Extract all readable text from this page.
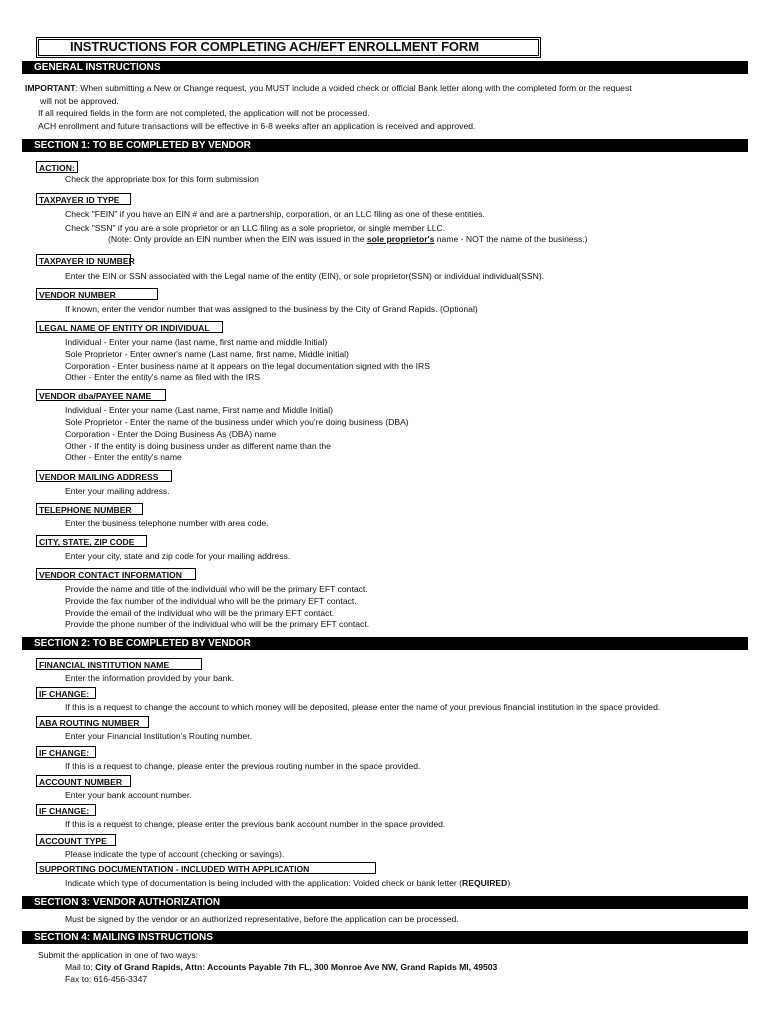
INSTRUCTIONS FOR COMPLETING ACH/EFT ENROLLMENT FORM
GENERAL INSTRUCTIONS
IMPORTANT: When submitting a New or Change request, you MUST include a voided check or official Bank letter along with the completed form or the request
will not be approved.
If all required fields in the form are not completed, the application will not be processed.
ACH enrollment and future transactions will be effective in 6-8 weeks after an application is received and approved.
SECTION 1: TO BE COMPLETED BY VENDOR
ACTION:
Check the appropriate box for this form submission
TAXPAYER ID TYPE
Check "FEIN" if you have an EIN # and are a partnership, corporation, or an LLC filing as one of these entities.
Check "SSN" if you are a sole proprietor or an LLC filing as a sole proprietor, or single member LLC.
(Note: Only provide an EIN number when the EIN was issued in the sole proprietor's name - NOT the name of the business.)
TAXPAYER ID NUMBER
Enter the EIN or SSN associated with the Legal name of the entity (EIN), or sole proprietor(SSN) or individual individual(SSN).
VENDOR NUMBER
If known, enter the vendor number that was assigned to the business by the City of Grand Rapids. (Optional)
LEGAL NAME OF ENTITY OR INDIVIDUAL
Individual - Enter your name (last name, first name and middle Initial)
Sole Proprietor - Enter owner's name (Last name, first name, Middle initial)
Corporation - Enter business name at it appears on the legal documentation signed with the IRS
Other - Enter the entity's name as filed with the IRS
VENDOR dba/PAYEE NAME
Individual - Enter your name (Last name, First name and Middle Initial)
Sole Proprietor - Enter the name of the business under which you're doing business (DBA)
Corporation - Enter the Doing Business As (DBA) name
Other - If the entity is doing business under as different name than the
Other - Enter the entity's name
VENDOR MAILING ADDRESS
Enter your mailing address.
TELEPHONE NUMBER
Enter the business telephone number with area code.
CITY, STATE, ZIP CODE
Enter your city, state and zip code for your mailing address.
VENDOR CONTACT INFORMATION
Provide the name and title of the individual who will be the primary EFT contact.
Provide the fax number of the individual who will be the primary EFT contact.
Provide the email of the individual who will be the primary EFT contact.
Provide the phone number of the individual who will be the primary EFT contact.
SECTION 2: TO BE COMPLETED BY VENDOR
FINANCIAL INSTITUTION NAME
Enter the information provided by your bank.
IF CHANGE:
If this is a request to change the account to which money will be deposited, please enter the name of your previous financial institution in the space provided.
ABA ROUTING NUMBER
Enter your Financial Institution's Routing number.
IF CHANGE:
If this is a request to change, please enter the previous routing number in the space provided.
ACCOUNT NUMBER
Enter your bank account number.
IF CHANGE:
If this is a request to change, please enter the previous bank account number in the space provided.
ACCOUNT TYPE
Please indicate the type of account (checking or savings).
SUPPORTING DOCUMENTATION - INCLUDED WITH APPLICATION
Indicate which type of documentation is being included with the application: Voided check or bank letter (REQUIRED)
SECTION 3: VENDOR AUTHORIZATION
Must be signed by the vendor or an authorized representative, before the application can be processed.
SECTION 4: MAILING INSTRUCTIONS
Submit the application in one of two ways:
Mail to: City of Grand Rapids, Attn: Accounts Payable 7th FL, 300 Monroe Ave NW, Grand Rapids MI, 49503
Fax to: 616-456-3347
